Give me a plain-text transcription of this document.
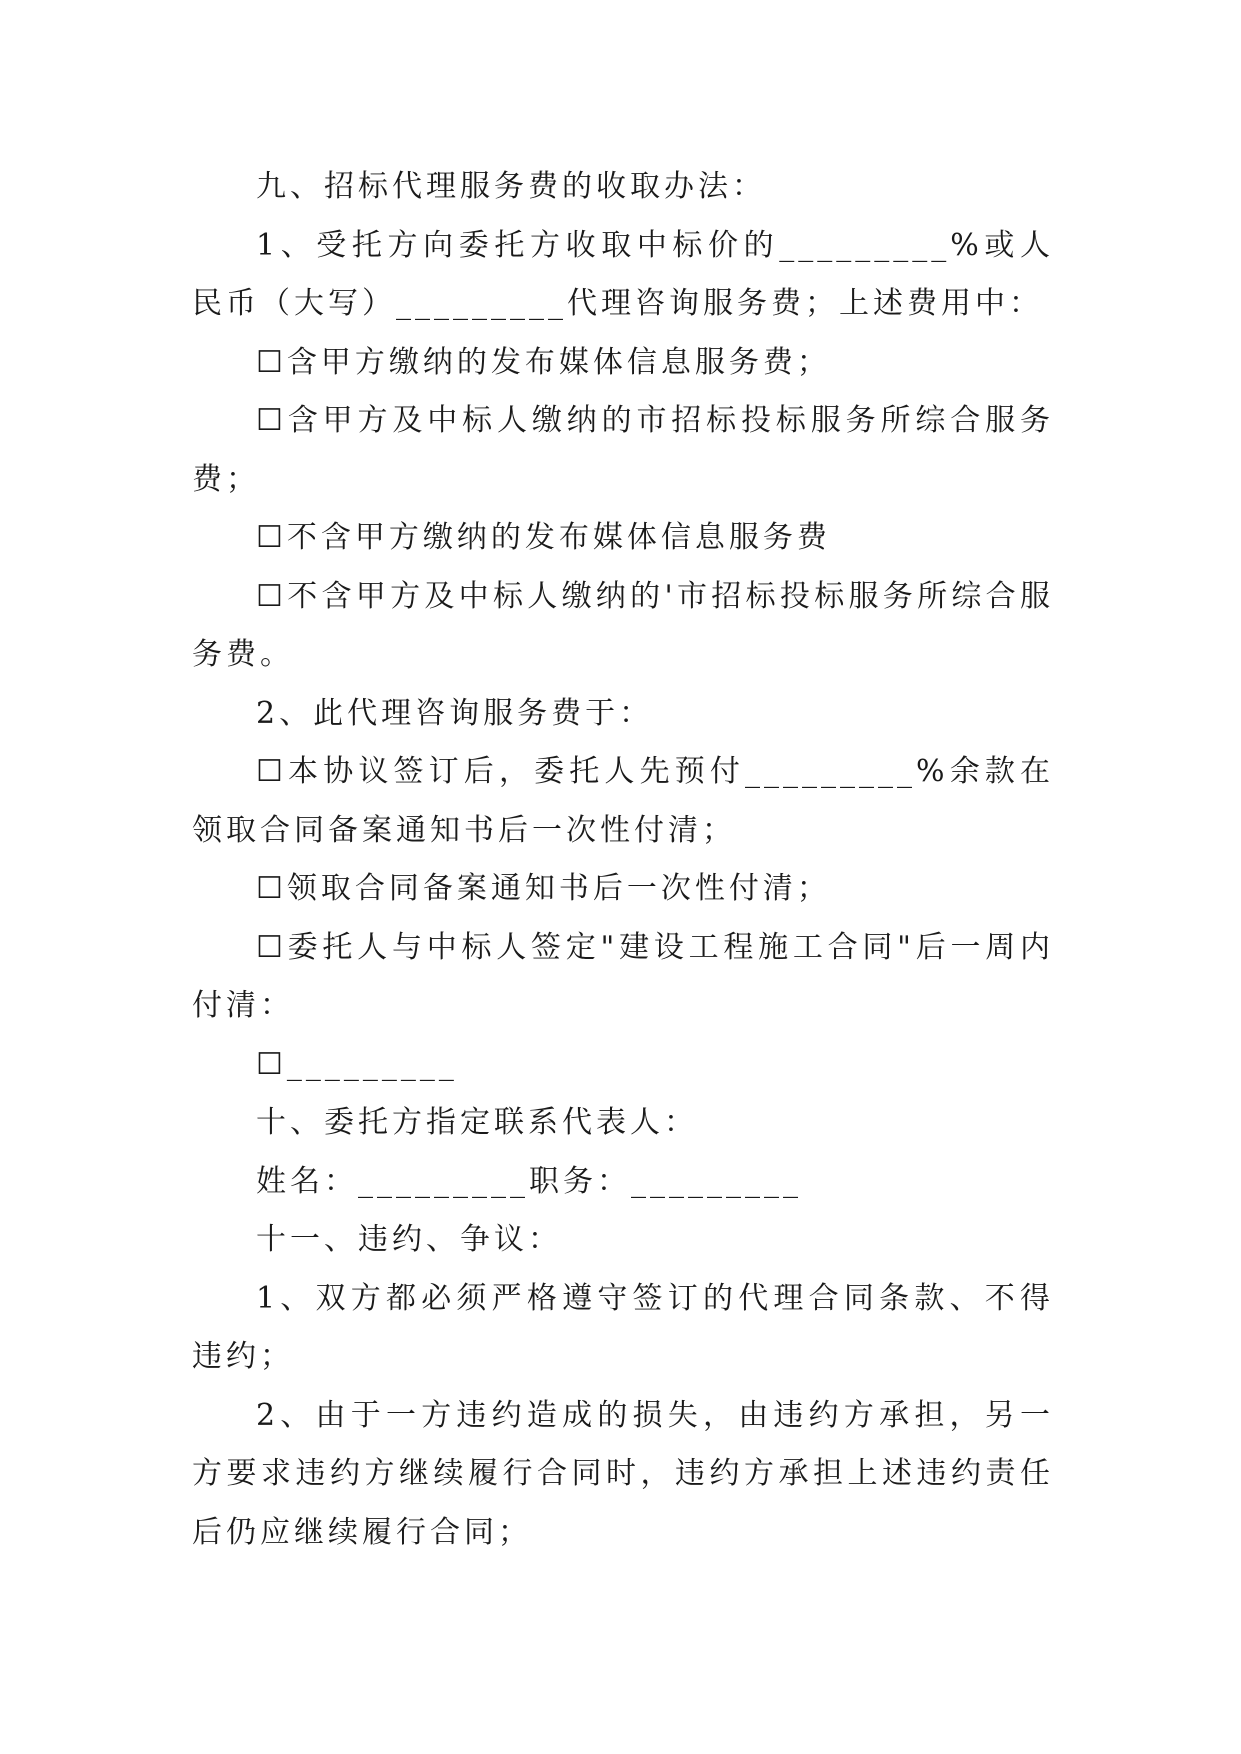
九、招标代理服务费的收取办法：

1、受托方向委托方收取中标价的_________%或人民币（大写）_________代理咨询服务费；上述费用中：

☐含甲方缴纳的发布媒体信息服务费；

☐含甲方及中标人缴纳的市招标投标服务所综合服务费；

☐不含甲方缴纳的发布媒体信息服务费

☐不含甲方及中标人缴纳的'市招标投标服务所综合服务费。

2、此代理咨询服务费于：

☐本协议签订后，委托人先预付_________%余款在领取合同备案通知书后一次性付清；

☐领取合同备案通知书后一次性付清；

☐委托人与中标人签定"建设工程施工合同"后一周内付清：

☐_________

十、委托方指定联系代表人：

姓名：_________职务：_________

十一、违约、争议：

1、双方都必须严格遵守签订的代理合同条款、不得违约；

2、由于一方违约造成的损失，由违约方承担，另一方要求违约方继续履行合同时，违约方承担上述违约责任后仍应继续履行合同；
